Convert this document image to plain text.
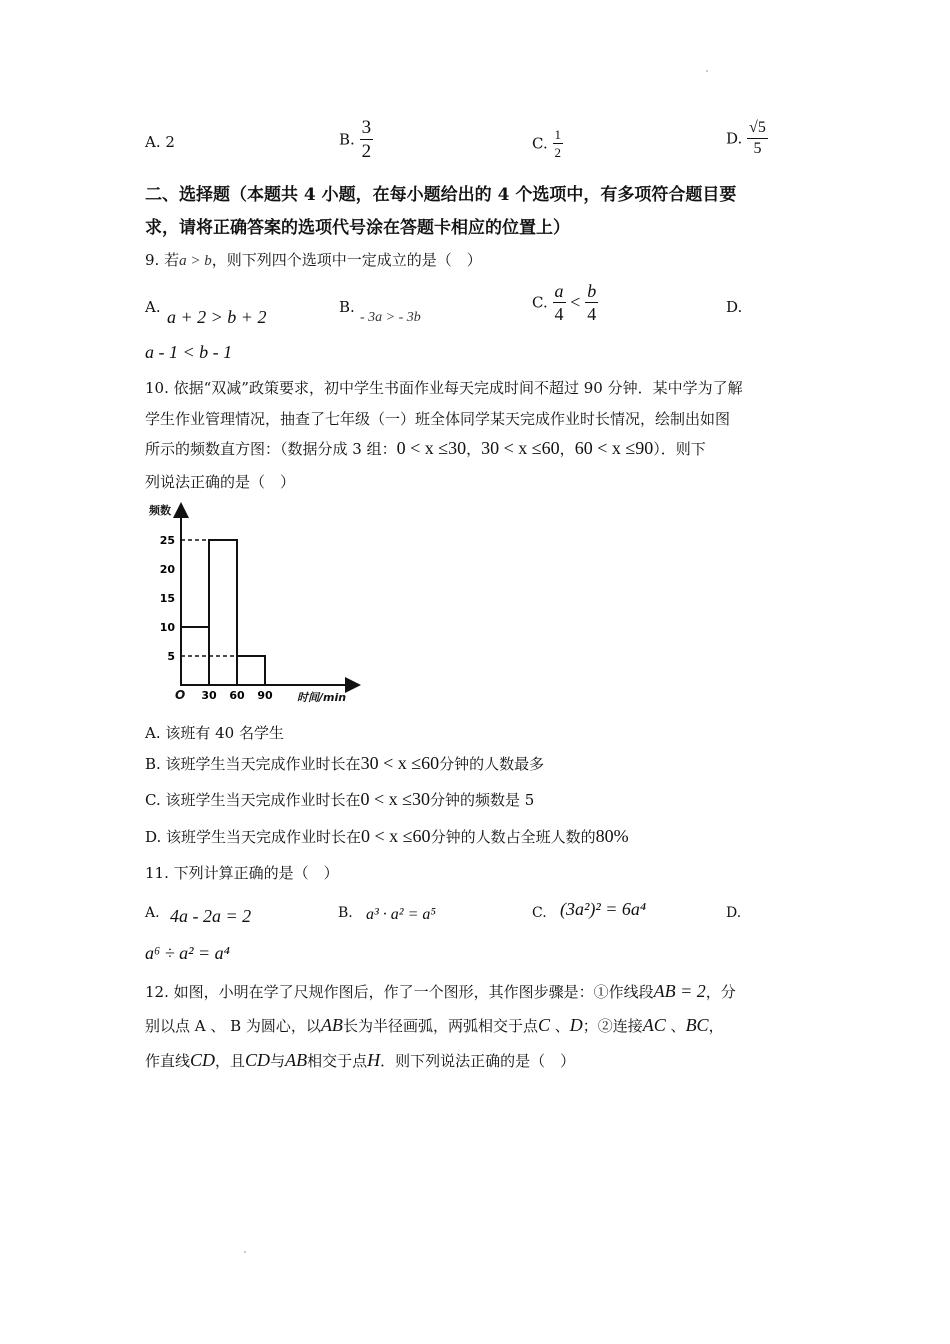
A. 2	B. $\frac{3}{2}$	C. $\frac{1}{2}$	D. $\frac{√5}{5}$
二、选择题（本题共 4 小题，在每小题给出的 4 个选项中，有多项符合题目要
求，请将正确答案的选项代号涂在答题卡相应的位置上）
9. 若a > b，则下列四个选项中一定成立的是（　）
A. a + 2 > b + 2	B.
- 3a > - 3b
C. $\frac{a}{4} < \frac{b}{4}$	D.
a - 1 < b - 1
10. 依据“双减”政策要求，初中学生书面作业每天完成时间不超过 90 分钟．某中学为了解
学生作业管理情况，抽查了七年级（一）班全体同学某天完成作业时长情况，绘制出如图
所示的频数直方图：（数据分成 3 组：0 < x ≤30，30 < x ≤60，60 < x ≤90）．则下
列说法正确的是（　）
频数
时间/min
O
5
10
15
20
25
30 60 90
A. 该班有 40 名学生
B. 该班学生当天完成作业时长在30 < x ≤60分钟的人数最多
C. 该班学生当天完成作业时长在0 < x ≤30分钟的频数是 5
D. 该班学生当天完成作业时长在0 < x ≤60分钟的人数占全班人数的80%
11. 下列计算正确的是（　）
A. 4a - 2a = 2	B. a³ · a² = a⁵	C. (3a²)² = 6a⁴	D.
a⁶ ÷ a² = a⁴
12. 如图，小明在学了尺规作图后，作了一个图形，其作图步骤是：①作线段AB = 2，分
别以点 A 、 B 为圆心，以AB长为半径画弧，两弧相交于点C 、D；②连接AC 、BC，
作直线CD，且CD与AB相交于点H．则下列说法正确的是（　）
